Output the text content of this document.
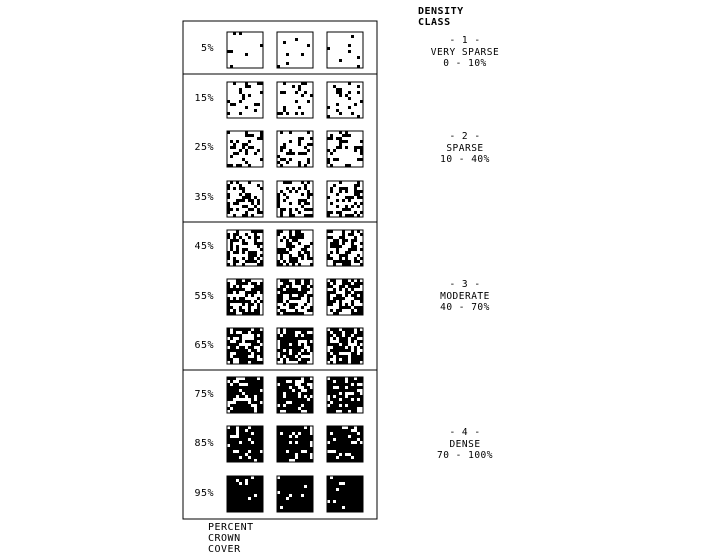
DENSITY CLASS
PERCENT CROWN COVER
5%
15%
25%
35%
45%
55%
65%
75%
85%
95%
- 1 -
VERY SPARSE
0 - 10%
- 2 -
SPARSE
10 - 40%
- 3 -
MODERATE
40 - 70%
- 4 -
DENSE
70 - 100%
